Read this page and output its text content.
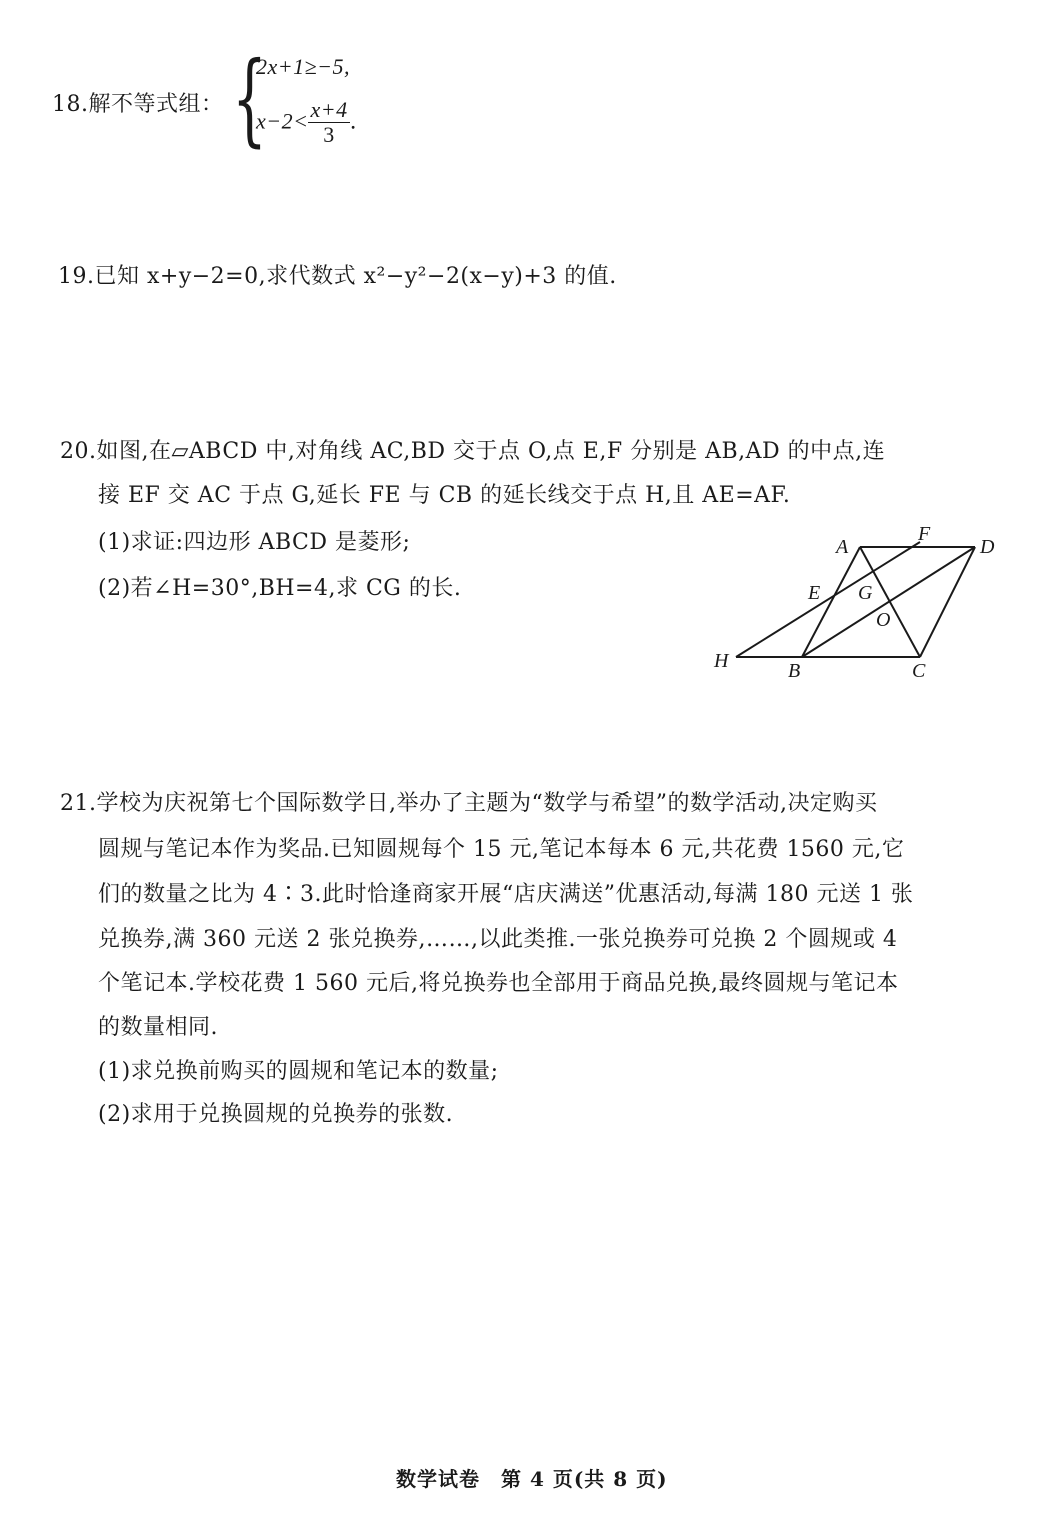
18.解不等式组： {
2x+1≥−5,
$x-2< \frac{x+4}{3}$ .
19.已知 x+y−2=0,求代数式 x²−y²−2(x−y)+3 的值.
20.如图,在▱ABCD 中,对角线 AC,BD 交于点 O,点 E,F 分别是 AB,AD 的中点,连
接 EF 交 AC 于点 G,延长 FE 与 CB 的延长线交于点 H,且 AE=AF.
(1)求证:四边形 ABCD 是菱形;
(2)若∠H=30°,BH=4,求 CG 的长.
A
F
D
E G
O
H	B	C
21.学校为庆祝第七个国际数学日,举办了主题为“数学与希望”的数学活动,决定购买
圆规与笔记本作为奖品.已知圆规每个 15 元,笔记本每本 6 元,共花费 1560 元,它
们的数量之比为 4∶3.此时恰逢商家开展“店庆满送”优惠活动,每满 180 元送 1 张
兑换券,满 360 元送 2 张兑换券,……,以此类推.一张兑换券可兑换 2 个圆规或 4
个笔记本.学校花费 1 560 元后,将兑换券也全部用于商品兑换,最终圆规与笔记本
的数量相同.
(1)求兑换前购买的圆规和笔记本的数量;
(2)求用于兑换圆规的兑换券的张数.
数学试卷　第 4 页(共 8 页)
